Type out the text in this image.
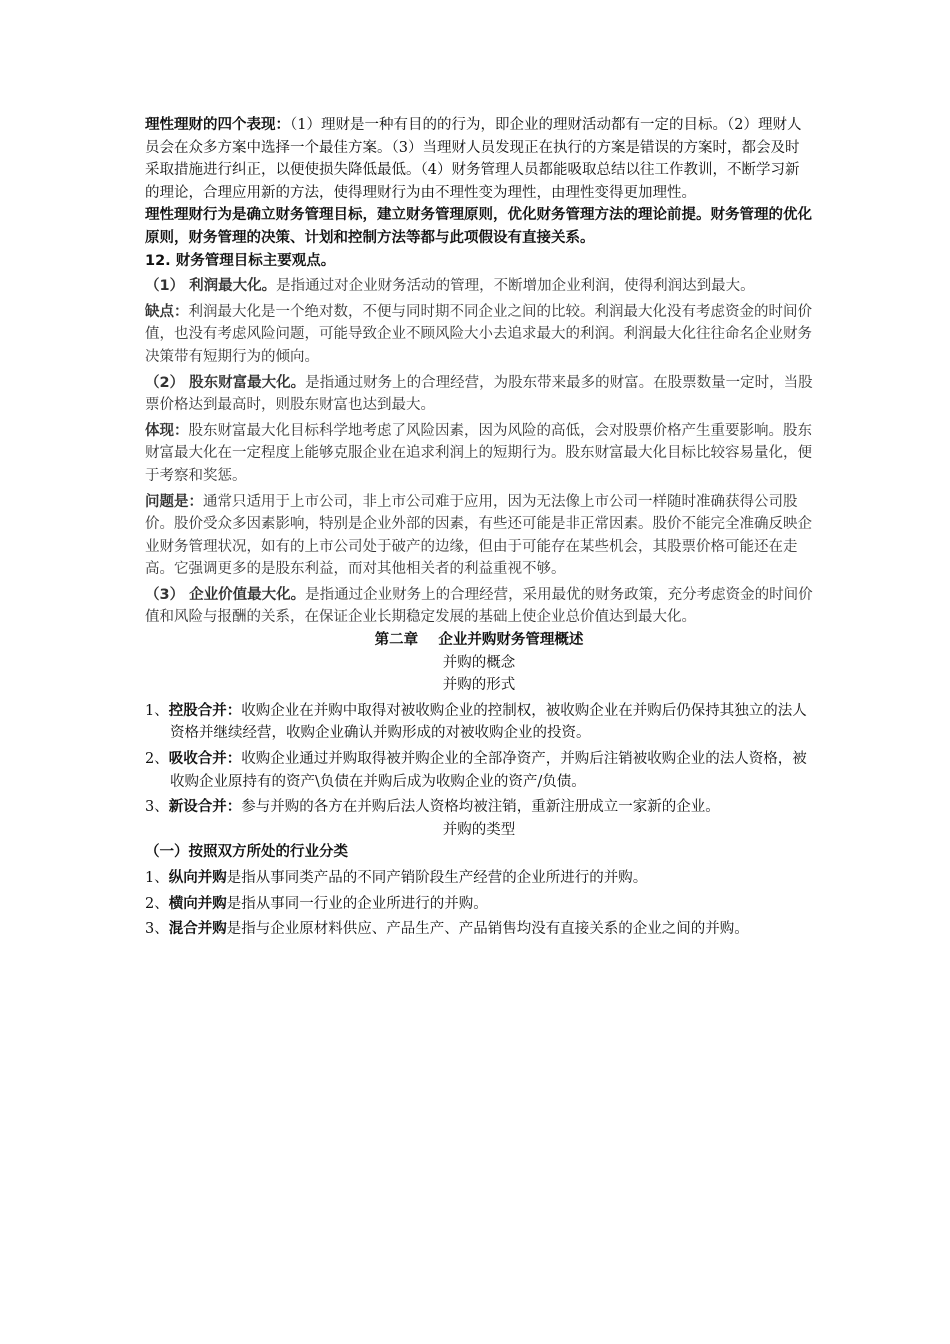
理性理财的四个表现：（1）理财是一种有目的的行为，即企业的理财活动都有一定的目标。（2）理财人员会在众多方案中选择一个最佳方案。（3）当理财人员发现正在执行的方案是错误的方案时，都会及时采取措施进行纠正，以便使损失降低最低。（4）财务管理人员都能吸取总结以往工作教训，不断学习新的理论，合理应用新的方法，使得理财行为由不理性变为理性，由理性变得更加理性。

理性理财行为是确立财务管理目标，建立财务管理原则，优化财务管理方法的理论前提。财务管理的优化原则，财务管理的决策、计划和控制方法等都与此项假设有直接关系。

12. 财务管理目标主要观点。

（1） 利润最大化。是指通过对企业财务活动的管理，不断增加企业利润，使得利润达到最大。

缺点：利润最大化是一个绝对数，不便与同时期不同企业之间的比较。利润最大化没有考虑资金的时间价值，也没有考虑风险问题，可能导致企业不顾风险大小去追求最大的利润。利润最大化往往命名企业财务决策带有短期行为的倾向。

（2） 股东财富最大化。是指通过财务上的合理经营，为股东带来最多的财富。在股票数量一定时，当股票价格达到最高时，则股东财富也达到最大。

体现：股东财富最大化目标科学地考虑了风险因素，因为风险的高低，会对股票价格产生重要影响。股东财富最大化在一定程度上能够克服企业在追求利润上的短期行为。股东财富最大化目标比较容易量化，便于考察和奖惩。

问题是：通常只适用于上市公司，非上市公司难于应用，因为无法像上市公司一样随时准确获得公司股价。股价受众多因素影响，特别是企业外部的因素，有些还可能是非正常因素。股价不能完全准确反映企业财务管理状况，如有的上市公司处于破产的边缘，但由于可能存在某些机会，其股票价格可能还在走高。它强调更多的是股东利益，而对其他相关者的利益重视不够。

（3） 企业价值最大化。是指通过企业财务上的合理经营，采用最优的财务政策，充分考虑资金的时间价值和风险与报酬的关系，在保证企业长期稳定发展的基础上使企业总价值达到最大化。

第二章    企业并购财务管理概述

并购的概念

并购的形式

1、控股合并：收购企业在并购中取得对被收购企业的控制权，被收购企业在并购后仍保持其独立的法人资格并继续经营，收购企业确认并购形成的对被收购企业的投资。

2、吸收合并：收购企业通过并购取得被并购企业的全部净资产，并购后注销被收购企业的法人资格，被收购企业原持有的资产\负债在并购后成为收购企业的资产/负债。

3、新设合并：参与并购的各方在并购后法人资格均被注销，重新注册成立一家新的企业。

并购的类型

（一）按照双方所处的行业分类

1、纵向并购是指从事同类产品的不同产销阶段生产经营的企业所进行的并购。

2、横向并购是指从事同一行业的企业所进行的并购。

3、混合并购是指与企业原材料供应、产品生产、产品销售均没有直接关系的企业之间的并购。
